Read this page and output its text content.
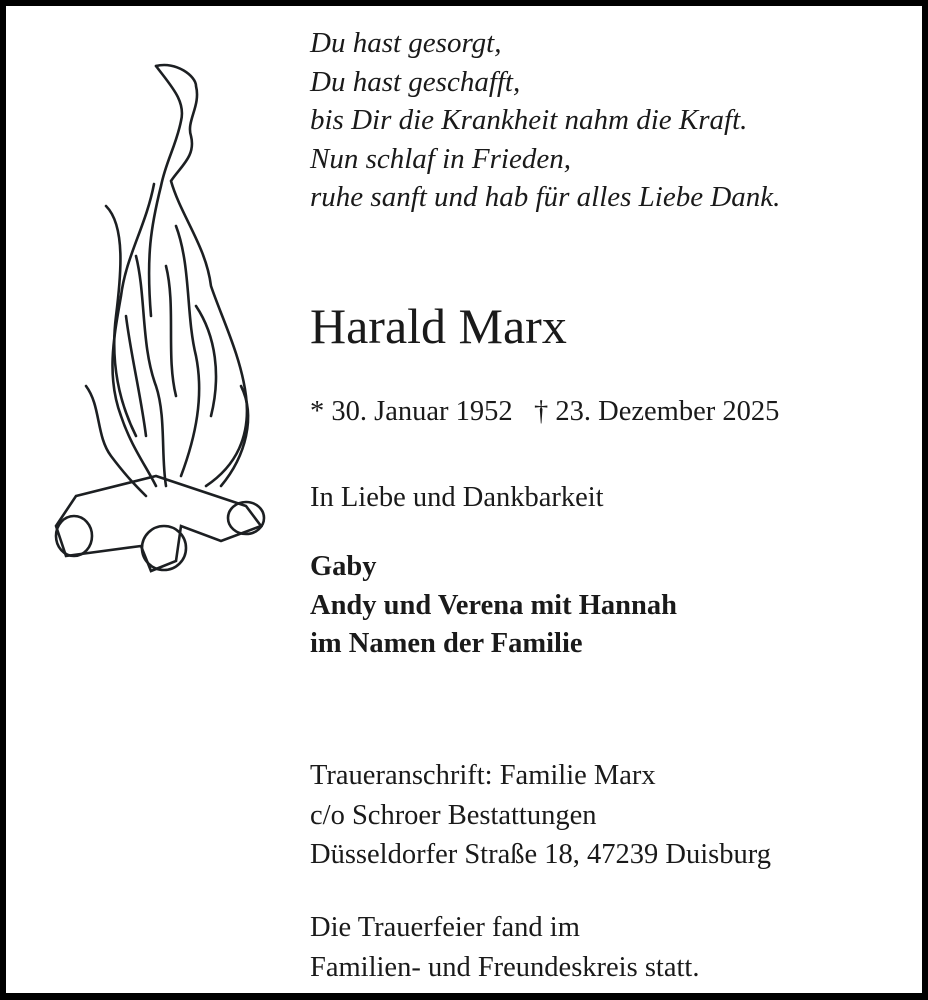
Du hast gesorgt,
Du hast geschafft,
bis Dir die Krankheit nahm die Kraft.
Nun schlaf in Frieden,
ruhe sanft und hab für alles Liebe Dank.
Harald Marx
* 30. Januar 1952 † 23. Dezember 2025
In Liebe und Dankbarkeit
Gaby
Andy und Verena mit Hannah
im Namen der Familie
Traueranschrift: Familie Marx
c/o Schroer Bestattungen
Düsseldorfer Straße 18, 47239 Duisburg
Die Trauerfeier fand im
Familien- und Freundeskreis statt.
